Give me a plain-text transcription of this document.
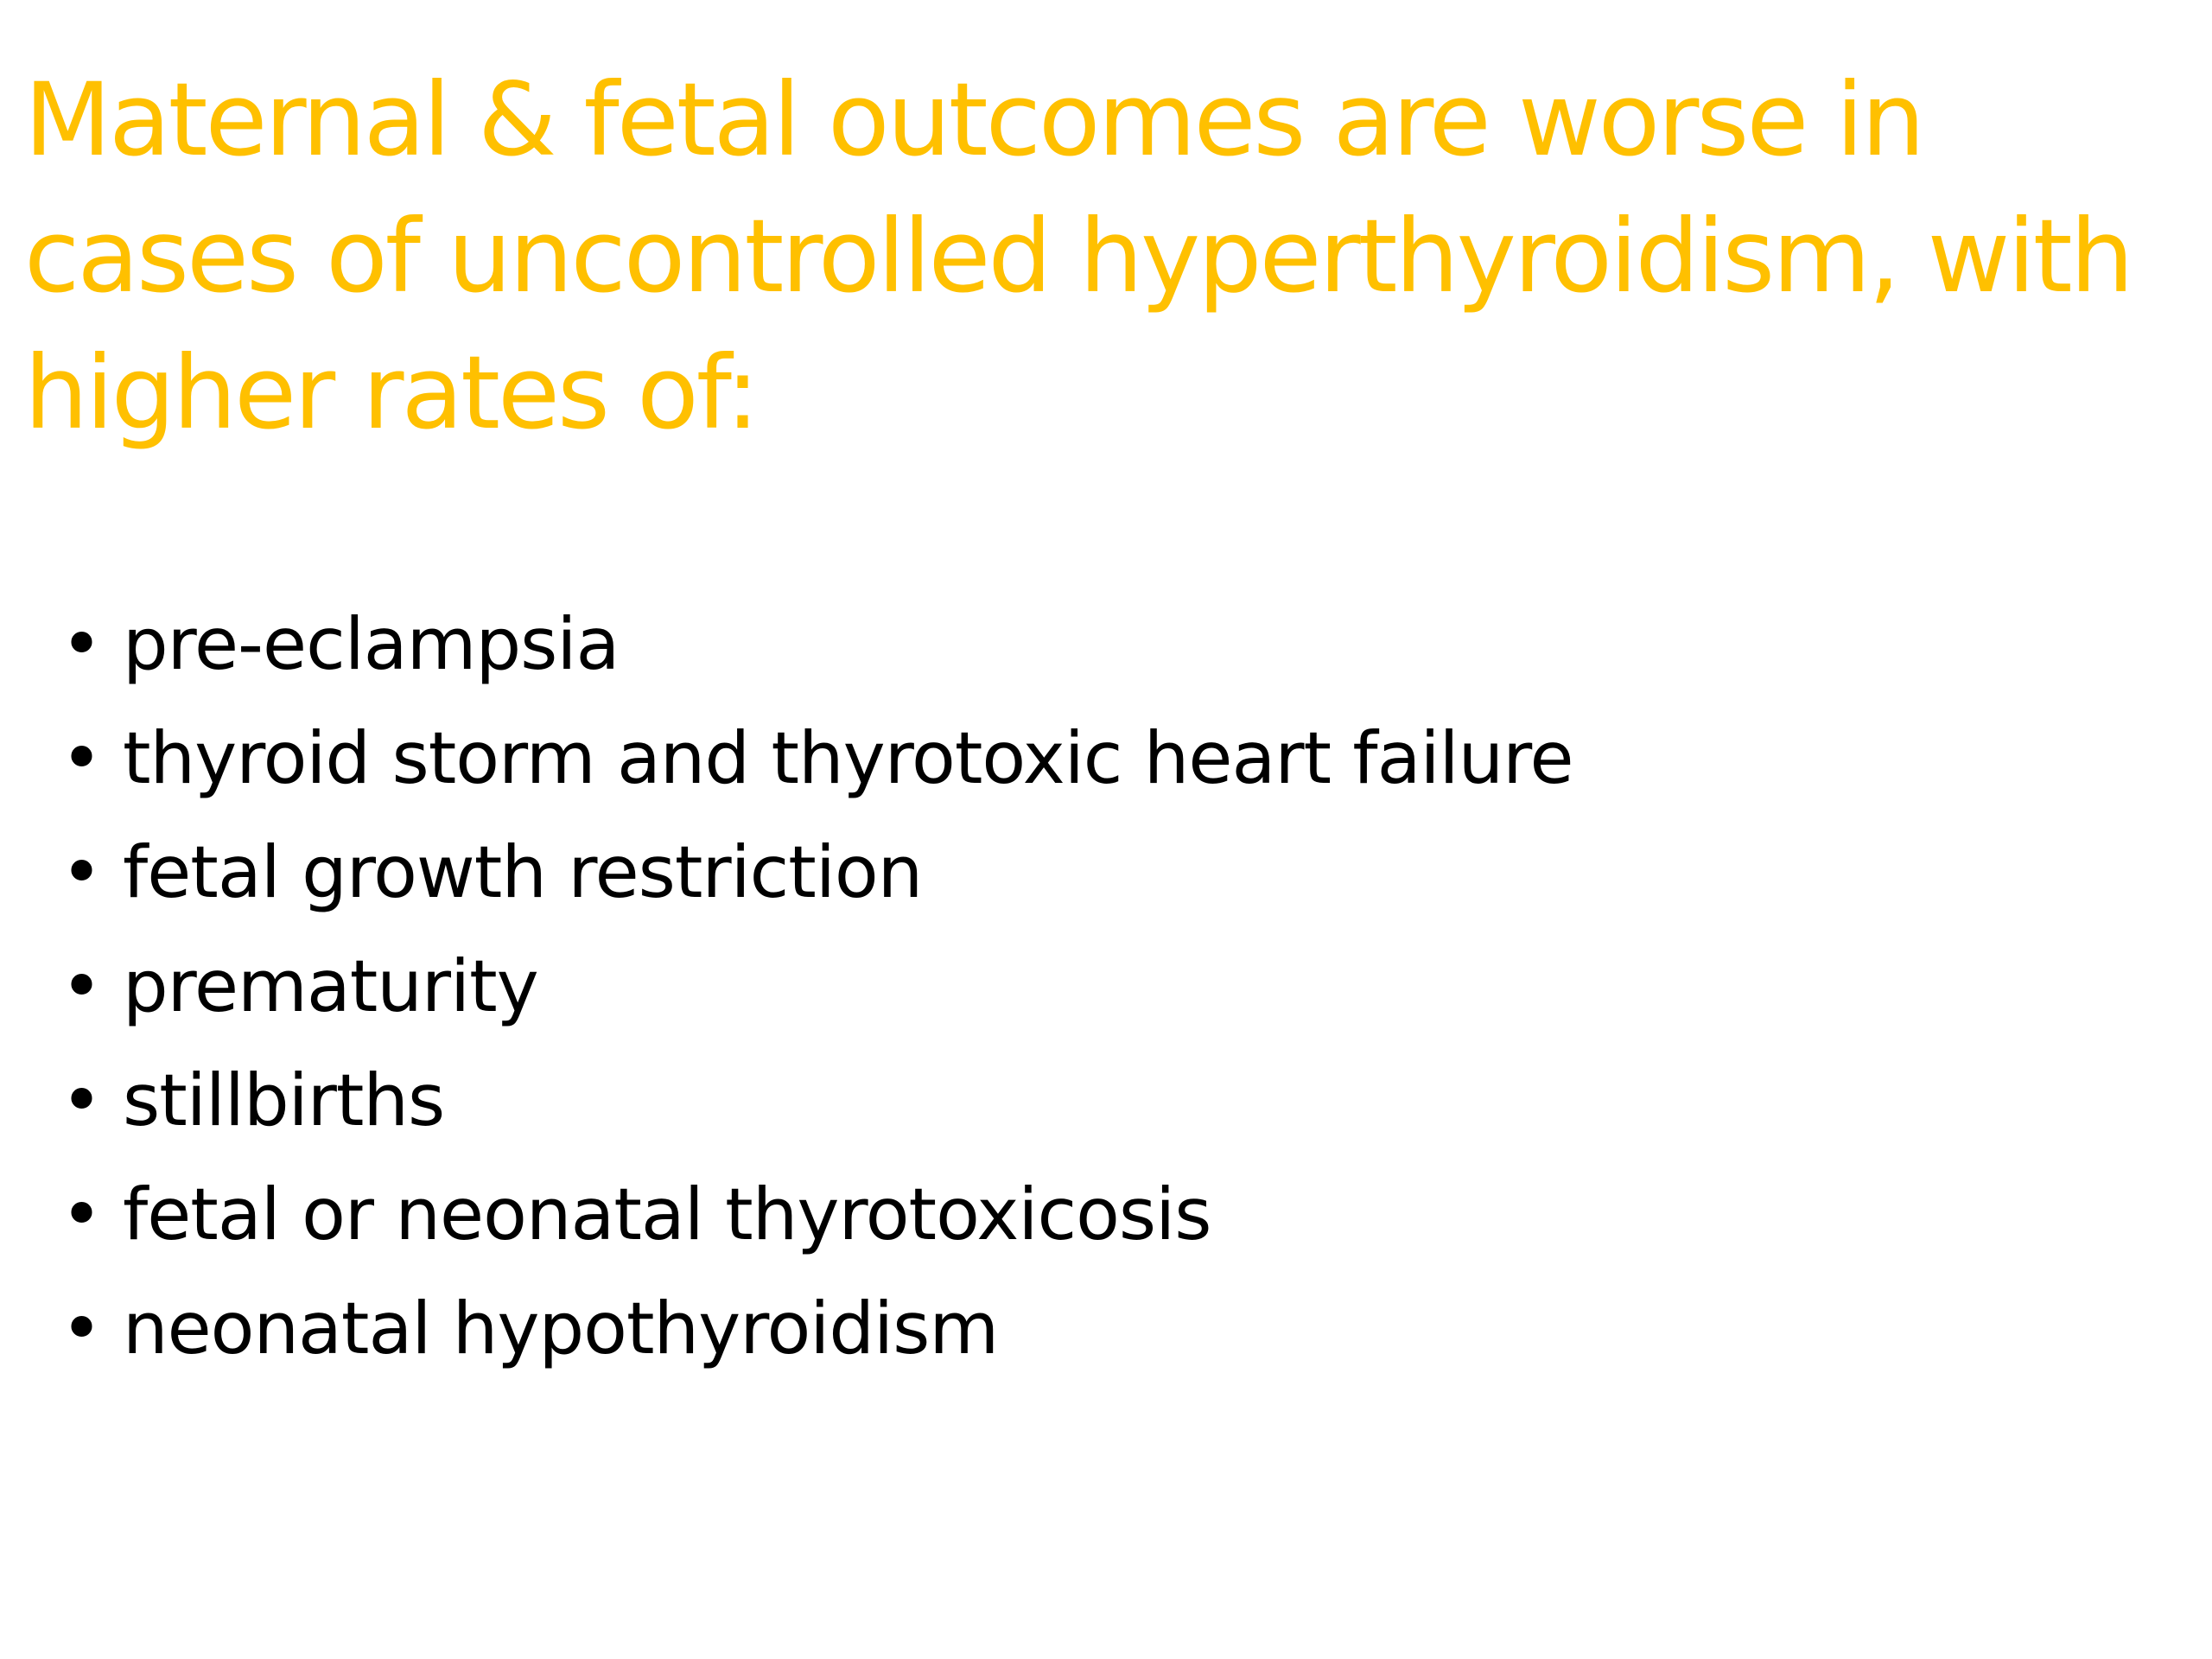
Maternal & fetal outcomes are worse in cases of uncontrolled hyperthyroidism, with higher rates of:
• pre-eclampsia
• thyroid storm and thyrotoxic heart failure
• fetal growth restriction
• prematurity
• stillbirths
• fetal or neonatal thyrotoxicosis
• neonatal hypothyroidism
